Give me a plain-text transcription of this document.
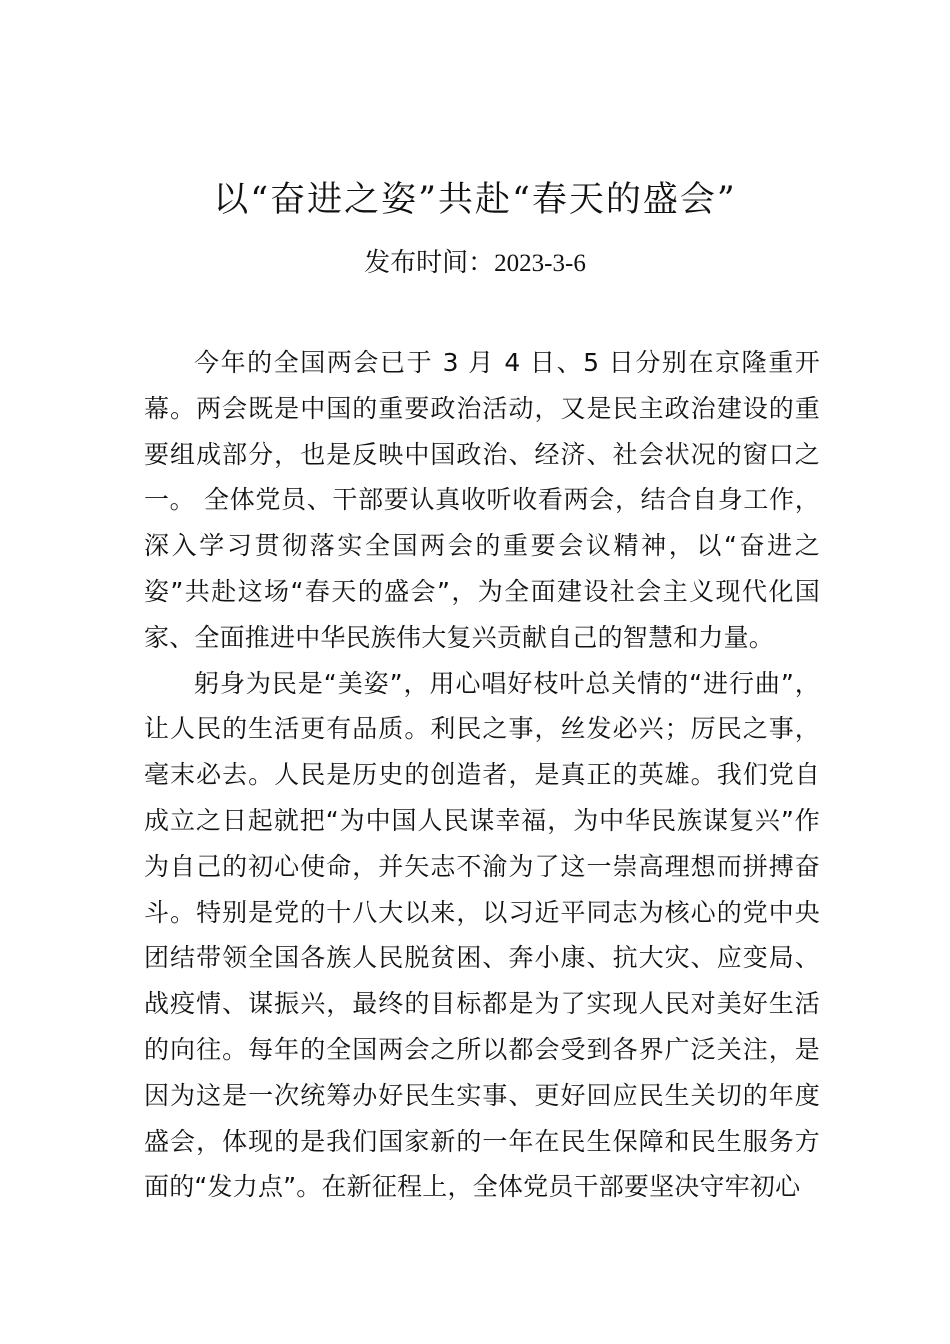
以“奋进之姿”共赴“春天的盛会”
发布时间：2023-3-6

今年的全国两会已于 3 月 4 日、5 日分别在京隆重开幕。两会既是中国的重要政治活动，又是民主政治建设的重要组成部分，也是反映中国政治、经济、社会状况的窗口之一。 全体党员、干部要认真收听收看两会，结合自身工作，深入学习贯彻落实全国两会的重要会议精神，以“奋进之姿”共赴这场“春天的盛会”，为全面建设社会主义现代化国家、全面推进中华民族伟大复兴贡献自己的智慧和力量。

躬身为民是“美姿”，用心唱好枝叶总关情的“进行曲”，让人民的生活更有品质。利民之事，丝发必兴；厉民之事，毫末必去。人民是历史的创造者，是真正的英雄。我们党自成立之日起就把“为中国人民谋幸福，为中华民族谋复兴”作为自己的初心使命，并矢志不渝为了这一崇高理想而拼搏奋斗。特别是党的十八大以来，以习近平同志为核心的党中央团结带领全国各族人民脱贫困、奔小康、抗大灾、应变局、战疫情、谋振兴，最终的目标都是为了实现人民对美好生活的向往。每年的全国两会之所以都会受到各界广泛关注，是因为这是一次统筹办好民生实事、更好回应民生关切的年度盛会，体现的是我们国家新的一年在民生保障和民生服务方面的“发力点”。在新征程上，全体党员干部要坚决守牢初心
